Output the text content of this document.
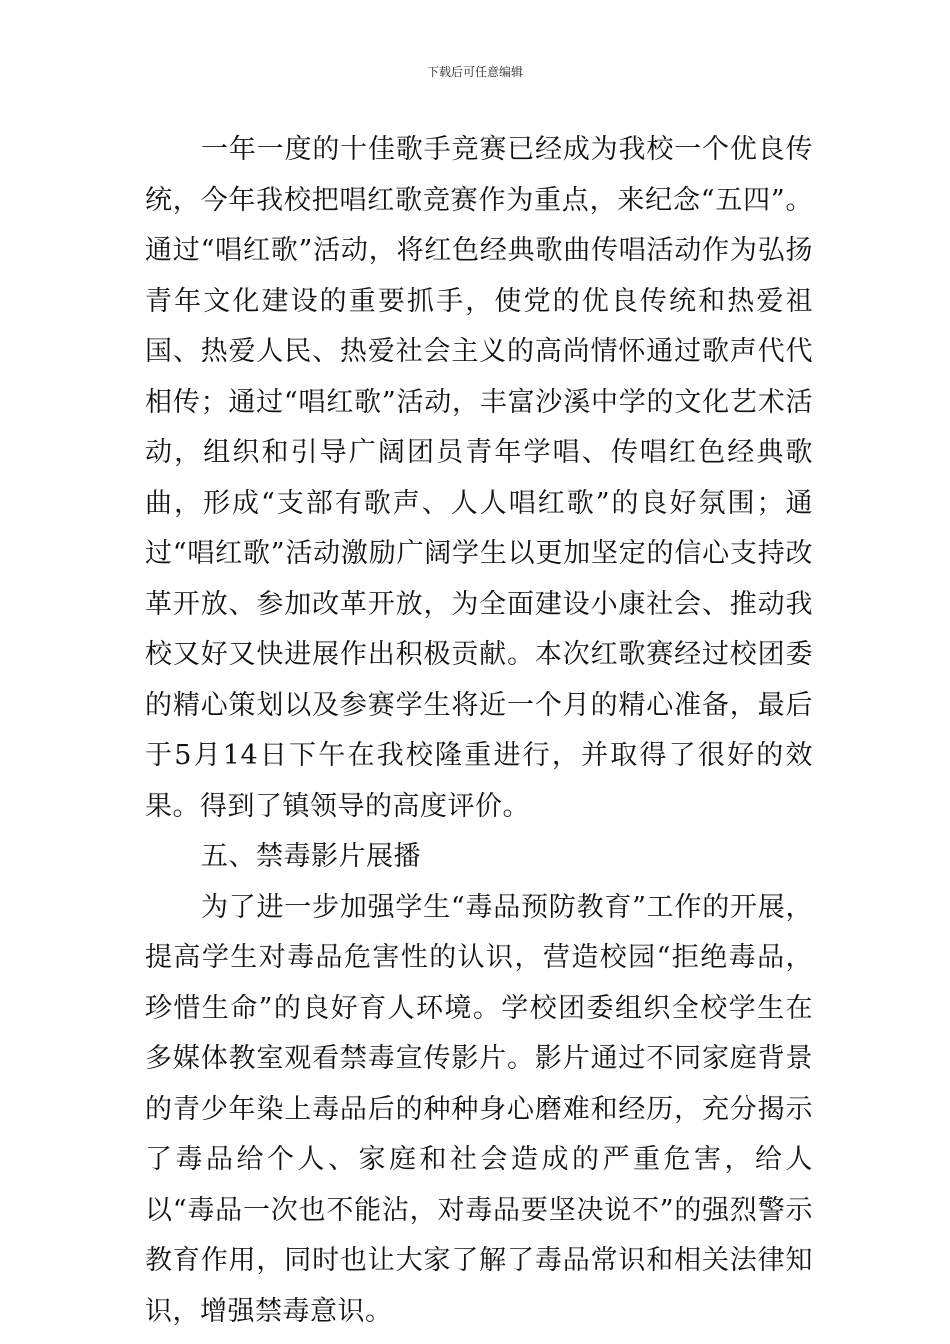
下载后可任意编辑

一年一度的十佳歌手竞赛已经成为我校一个优良传统，今年我校把唱红歌竞赛作为重点，来纪念“五四”。通过“唱红歌”活动，将红色经典歌曲传唱活动作为弘扬青年文化建设的重要抓手，使党的优良传统和热爱祖国、热爱人民、热爱社会主义的高尚情怀通过歌声代代相传；通过“唱红歌”活动，丰富沙溪中学的文化艺术活动，组织和引导广阔团员青年学唱、传唱红色经典歌曲，形成“支部有歌声、人人唱红歌”的良好氛围；通过“唱红歌”活动激励广阔学生以更加坚定的信心支持改革开放、参加改革开放，为全面建设小康社会、推动我校又好又快进展作出积极贡献。本次红歌赛经过校团委的精心策划以及参赛学生将近一个月的精心准备，最后于5月14日下午在我校隆重进行，并取得了很好的效果。得到了镇领导的高度评价。

五、禁毒影片展播

为了进一步加强学生“毒品预防教育”工作的开展，提高学生对毒品危害性的认识，营造校园“拒绝毒品，珍惜生命”的良好育人环境。学校团委组织全校学生在多媒体教室观看禁毒宣传影片。影片通过不同家庭背景的青少年染上毒品后的种种身心磨难和经历，充分揭示了毒品给个人、家庭和社会造成的严重危害，给人以“毒品一次也不能沾，对毒品要坚决说不”的强烈警示教育作用，同时也让大家了解了毒品常识和相关法律知识，增强禁毒意识。
